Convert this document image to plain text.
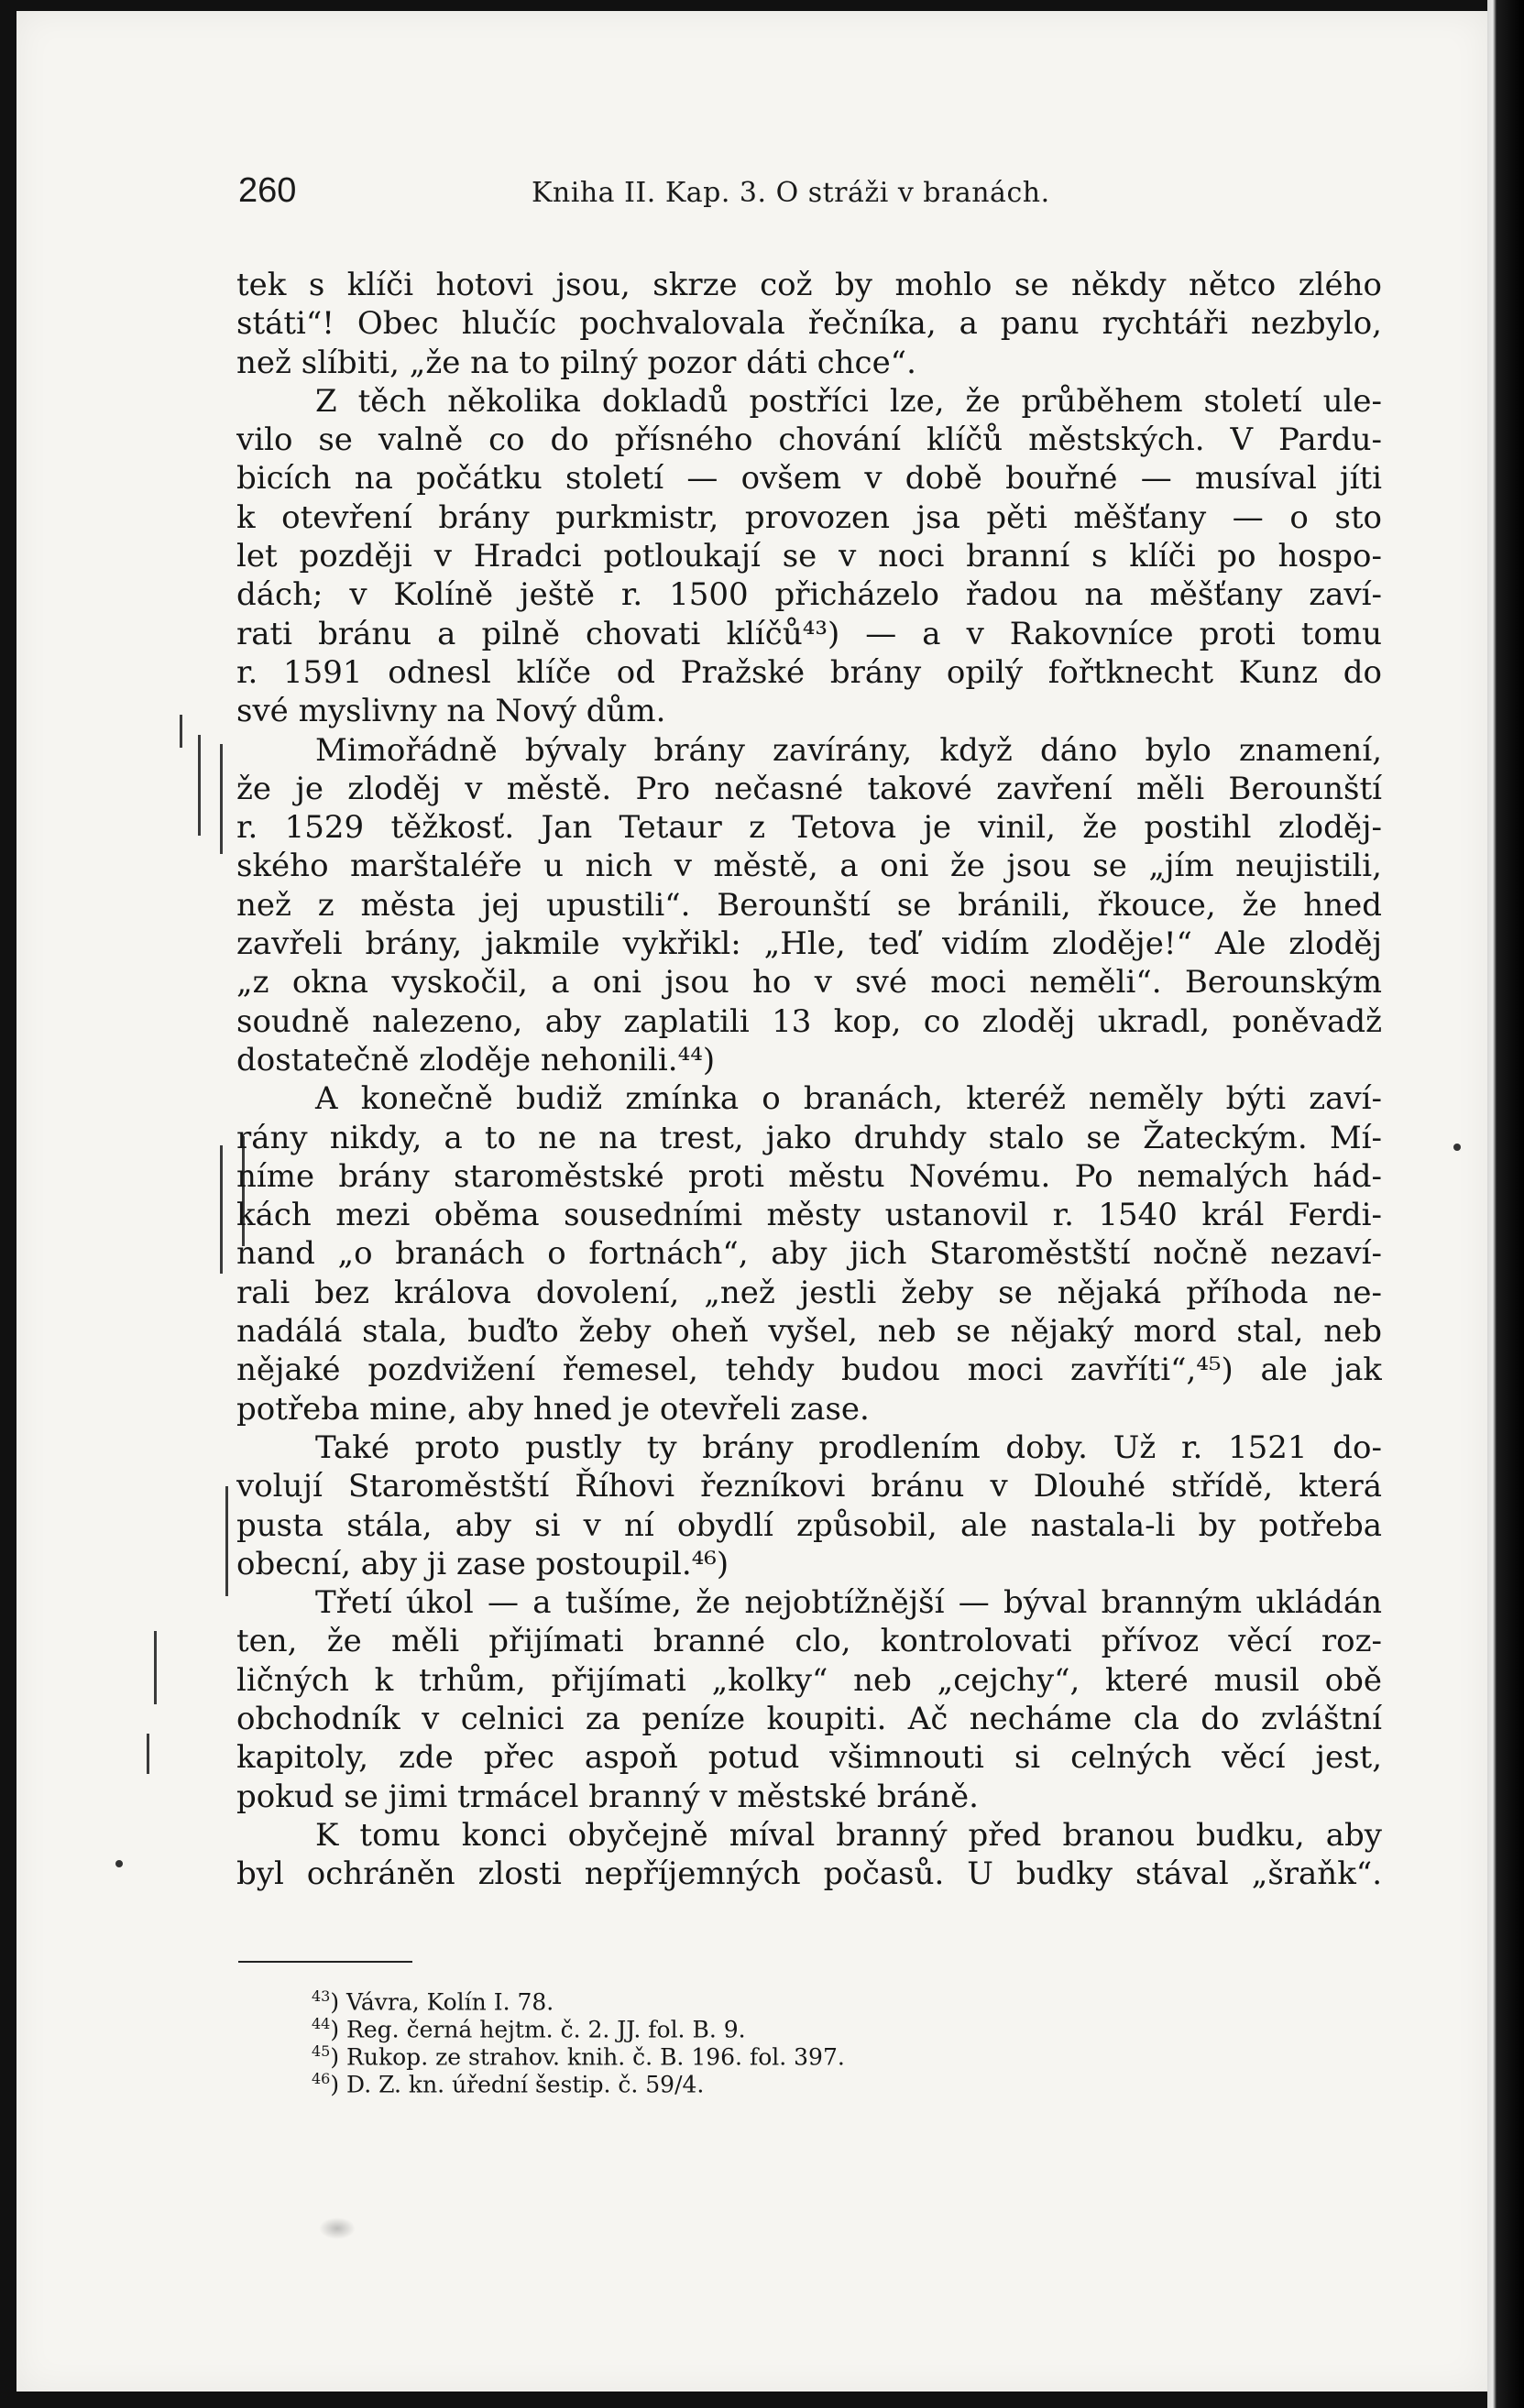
260	Kniha II. Kap. 3. O stráži v branách.
tek s klíči hotovi jsou, skrze což by mohlo se někdy nětco zlého
státi“! Obec hlučíc pochvalovala řečníka, a panu rychtáři nezbylo,
než slíbiti, „že na to pilný pozor dáti chce“.
Z těch několika dokladů postříci lze, že průběhem století ule-
vilo se valně co do přísného chování klíčů městských. V Pardu-
bicích na počátku století — ovšem v době bouřné — musíval jíti
k otevření brány purkmistr, provozen jsa pěti měšťany — o sto
let později v Hradci potloukají se v noci branní s klíči po hospo-
dách; v Kolíně ještě r. 1500 přicházelo řadou na měšťany zaví-
rati bránu a pilně chovati klíčů⁴³) — a v Rakovníce proti tomu
r. 1591 odnesl klíče od Pražské brány opilý fořtknecht Kunz do
své myslivny na Nový dům.
Mimořádně bývaly brány zavírány, když dáno bylo znamení,
že je zloděj v městě. Pro nečasné takové zavření měli Berounští
r. 1529 těžkosť. Jan Tetaur z Tetova je vinil, že postihl zloděj-
ského marštaléře u nich v městě, a oni že jsou se „jím neujistili,
než z města jej upustili“. Berounští se bránili, řkouce, že hned
zavřeli brány, jakmile vykřikl: „Hle, teď vidím zloděje!“ Ale zloděj
„z okna vyskočil, a oni jsou ho v své moci neměli“. Berounským
soudně nalezeno, aby zaplatili 13 kop, co zloděj ukradl, poněvadž
dostatečně zloděje nehonili.⁴⁴)
A konečně budiž zmínka o branách, kteréž neměly býti zaví-
rány nikdy, a to ne na trest, jako druhdy stalo se Žateckým. Mí-
níme brány staroměstské proti městu Novému. Po nemalých hád-
kách mezi oběma sousedními městy ustanovil r. 1540 král Ferdi-
nand „o branách o fortnách“, aby jich Staroměstští nočně nezaví-
rali bez králova dovolení, „než jestli žeby se nějaká příhoda ne-
nadálá stala, buďto žeby oheň vyšel, neb se nějaký mord stal, neb
nějaké pozdvižení řemesel, tehdy budou moci zavříti“,⁴⁵) ale jak
potřeba mine, aby hned je otevřeli zase.
Také proto pustly ty brány prodlením doby. Už r. 1521 do-
volují Staroměstští Říhovi řezníkovi bránu v Dlouhé střídě, která
pusta stála, aby si v ní obydlí způsobil, ale nastala-li by potřeba
obecní, aby ji zase postoupil.⁴⁶)
Třetí úkol — a tušíme, že nejobtížnější — býval branným ukládán
ten, že měli přijímati branné clo, kontrolovati přívoz věcí roz-
ličných k trhům, přijímati „kolky“ neb „cejchy“, které musil obě
obchodník v celnici za peníze koupiti. Ač necháme cla do zvláštní
kapitoly, zde přec aspoň potud všimnouti si celných věcí jest,
pokud se jimi trmácel branný v městské bráně.
K tomu konci obyčejně míval branný před branou budku, aby
byl ochráněn zlosti nepříjemných počasů. U budky stával „šraňk“.
$^{43}$) Vávra, Kolín I. 78.
$^{44}$) Reg. černá hejtm. č. 2. JJ. fol. B. 9.
$^{45}$) Rukop. ze strahov. knih. č. B. 196. fol. 397.
$^{46}$) D. Z. kn. úřední šestip. č. 59/4.
